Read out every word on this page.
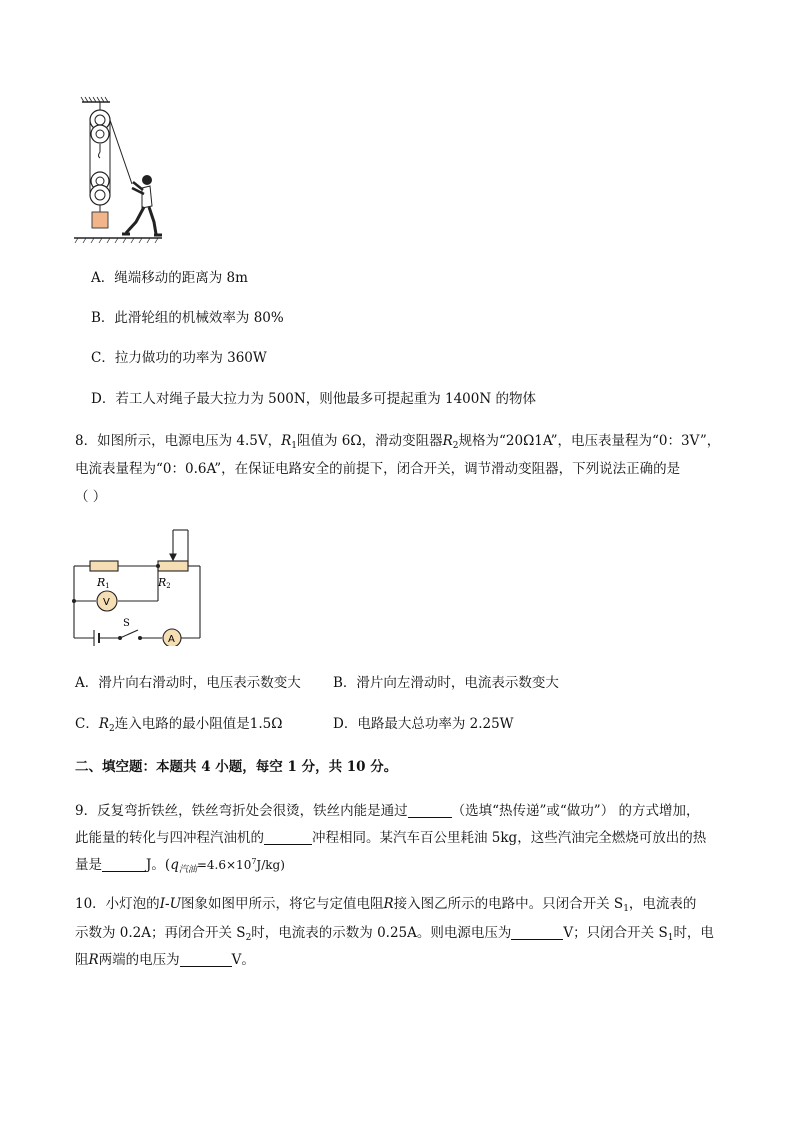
A．绳端移动的距离为 8m
B．此滑轮组的机械效率为 80%
C．拉力做功的功率为 360W
D．若工人对绳子最大拉力为 500N，则他最多可提起重为 1400N 的物体
8．如图所示，电源电压为 4.5V，$R_1$阻值为 6Ω，滑动变阻器$R_2$规格为“20Ω1A”，电压表量程为“0：3V”，
电流表量程为“0：0.6A”，在保证电路安全的前提下，闭合开关，调节滑动变阻器，下列说法正确的是
（ ）
R1	R2
V
A
S
A．滑片向右滑动时，电压表示数变大 B．滑片向左滑动时，电流表示数变大
C．$R_2$连入电路的最小阻值是1.5Ω	D．电路最大总功率为 2.25W
二、填空题：本题共 4 小题，每空 1 分，共 10 分。
9．反复弯折铁丝，铁丝弯折处会很烫，铁丝内能是通过	（选填“热传递”或“做功”） 的方式增加，
此能量的转化与四冲程汽油机的	冲程相同。某汽车百公里耗油 5kg，这些汽油完全燃烧可放出的热
量是	J。$(q_{汽油}=4.6\times 10^7J/kg)$
10．小灯泡的I-U图象如图甲所示，将它与定值电阻R接入图乙所示的电路中。只闭合开关 $S_1$，电流表的
示数为 0.2A；再闭合开关 $S_2$时，电流表的示数为 0.25A。则电源电压为	V；只闭合开关 $S_1$时，电
阻R两端的电压为	V。
